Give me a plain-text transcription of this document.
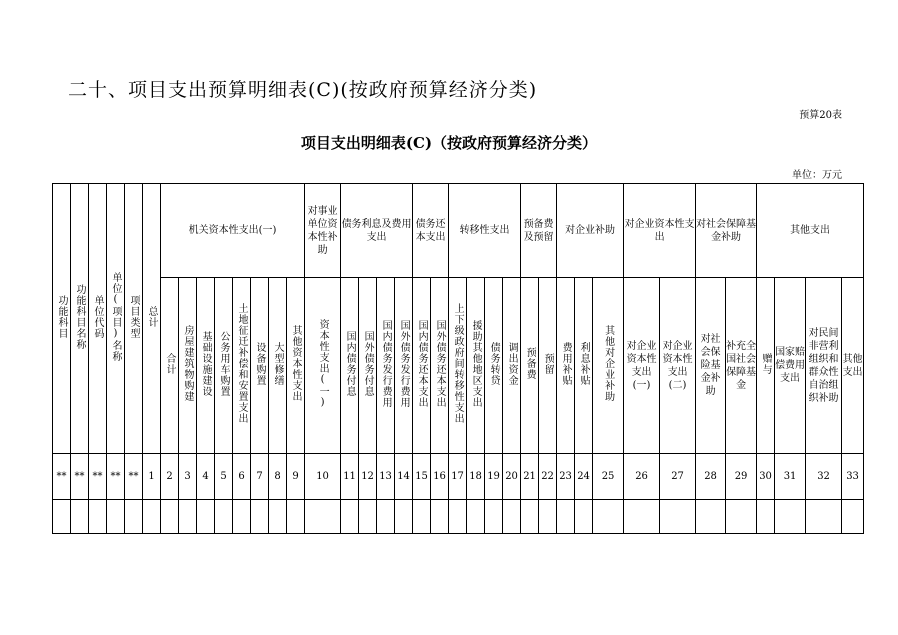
二十、项目支出预算明细表(C)(按政府预算经济分类)
预算20表
项目支出明细表(C)（按政府预算经济分类）
单位：万元
功能科目	功能科目名称	单位代码	单位(项目)名称	项目类型	总计	机关资本性支出(一)								对事业单位资本性补助	债务利息及费用支出				债务还本支出		转移性支出				预备费及预留		对企业补助			对企业资本性支出		对社会保障基金补助		其他支出			
						合计	房屋建筑物购建	基础设施建设	公务用车购置	土地征迁补偿和安置支出	设备购置	大型修缮	其他资本性支出	资本性支出(一)	国内债务付息	国外债务付息	国内债务发行费用	国外债务发行费用	国内债务还本支出	国外债务还本支出	上下级政府间转移性支出	援助其他地区支出	债务转贷	调出资金	预备费	预留	费用补贴	利息补贴	其他对企业补助	对企业资本性支出(一)	对企业资本性支出(二)	对社会保险基金补助	补充全国社会保障基金	赠与	国家赔偿费用支出	对民间非营利组织和群众性自治组织补助	其他支出
**	**	**	**	**	1	2	3	4	5	6	7	8	9	10	11	12	13	14	15	16	17	18	19	20	21	22	23	24	25	26	27	28	29	30	31	32	33
